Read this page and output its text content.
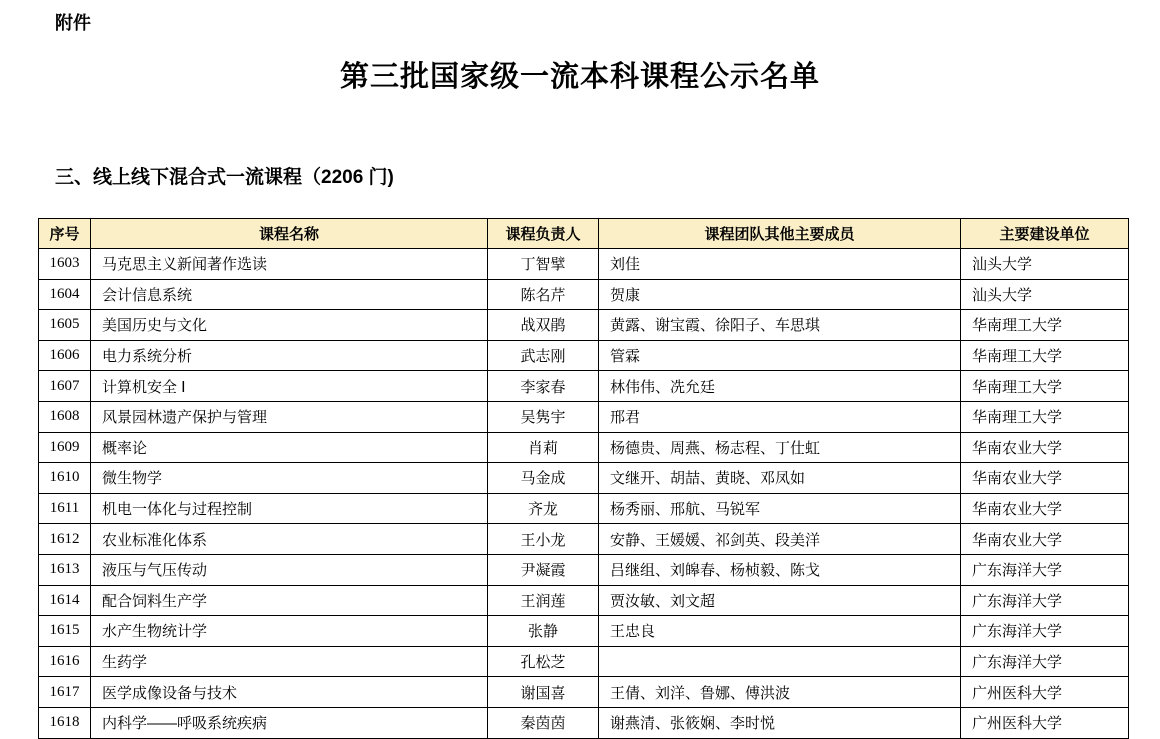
附件
第三批国家级一流本科课程公示名单
三、线上线下混合式一流课程（2206 门)
序号	课程名称	课程负责人	课程团队其他主要成员	主要建设单位
1603	马克思主义新闻著作选读	丁智擘	刘佳	汕头大学
1604	会计信息系统	陈名芹	贺康	汕头大学
1605	美国历史与文化	战双鹃	黄露、谢宝霞、徐阳子、车思琪	华南理工大学
1606	电力系统分析	武志刚	管霖	华南理工大学
1607	计算机安全 Ⅰ	李家春	林伟伟、冼允廷	华南理工大学
1608	风景园林遗产保护与管理	吴隽宇	邢君	华南理工大学
1609	概率论	肖莉	杨德贵、周燕、杨志程、丁仕虹	华南农业大学
1610	微生物学	马金成	文继开、胡喆、黄晓、邓凤如	华南农业大学
1611	机电一体化与过程控制	齐龙	杨秀丽、邢航、马锐军	华南农业大学
1612	农业标准化体系	王小龙	安静、王媛媛、祁剑英、段美洋	华南农业大学
1613	液压与气压传动	尹凝霞	吕继组、刘皞春、杨桢毅、陈戈	广东海洋大学
1614	配合饲料生产学	王润莲	贾汝敏、刘文超	广东海洋大学
1615	水产生物统计学	张静	王忠良	广东海洋大学
1616	生药学	孔松芝		广东海洋大学
1617	医学成像设备与技术	谢国喜	王倩、刘洋、鲁娜、傅洪波	广州医科大学
1618	内科学——呼吸系统疾病	秦茵茵	谢燕清、张筱娴、李时悦	广州医科大学
